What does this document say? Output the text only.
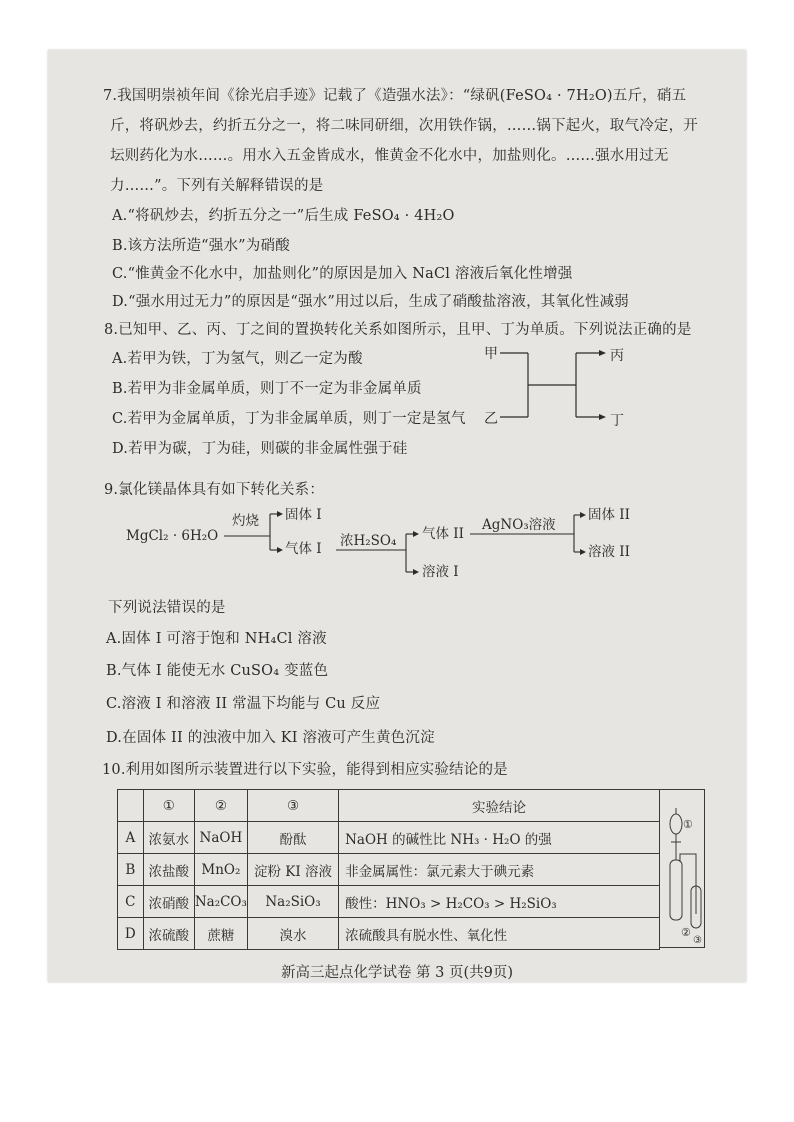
7.我国明崇祯年间《徐光启手迹》记载了《造强水法》：“绿矾(FeSO₄ · 7H₂O)五斤，硝五
斤，将矾炒去，约折五分之一，将二味同研细，次用铁作锅，……锅下起火，取气冷定，开
坛则药化为水……。用水入五金皆成水，惟黄金不化水中，加盐则化。……强水用过无
力……”。下列有关解释错误的是
A.“将矾炒去，约折五分之一”后生成 FeSO₄ · 4H₂O
B.该方法所造“强水”为硝酸
C.“惟黄金不化水中，加盐则化”的原因是加入 NaCl 溶液后氧化性增强
D.“强水用过无力”的原因是“强水”用过以后，生成了硝酸盐溶液，其氧化性减弱
8.已知甲、乙、丙、丁之间的置换转化关系如图所示，且甲、丁为单质。下列说法正确的是
A.若甲为铁，丁为氢气，则乙一定为酸
B.若甲为非金属单质，则丁不一定为非金属单质
C.若甲为金属单质，丁为非金属单质，则丁一定是氢气
D.若甲为碳，丁为硅，则碳的非金属性强于硅
甲
乙
丙
丁
9.氯化镁晶体具有如下转化关系：
MgCl₂ · 6H₂O
灼烧 固体 I
气体 I 浓H₂SO₄ 气体 II
溶液 I
AgNO₃溶液
固体 II
溶液 II
下列说法错误的是
A.固体 I 可溶于饱和 NH₄Cl 溶液
B.气体 I 能使无水 CuSO₄ 变蓝色
C.溶液 I 和溶液 II 常温下均能与 Cu 反应
D.在固体 II 的浊液中加入 KI 溶液可产生黄色沉淀
10.利用如图所示装置进行以下实验，能得到相应实验结论的是
	①	②	③	实验结论
A	浓氨水	NaOH	酚酞	NaOH 的碱性比 NH₃ · H₂O 的强
B	浓盐酸	MnO₂	淀粉 KI 溶液	非金属属性：氯元素大于碘元素
C	浓硝酸	Na₂CO₃	Na₂SiO₃	酸性：HNO₃ > H₂CO₃ > H₂SiO₃
D	浓硫酸	蔗糖	溴水	浓硫酸具有脱水性、氧化性
①
②
③
新高三起点化学试卷 第 3 页(共9页)
